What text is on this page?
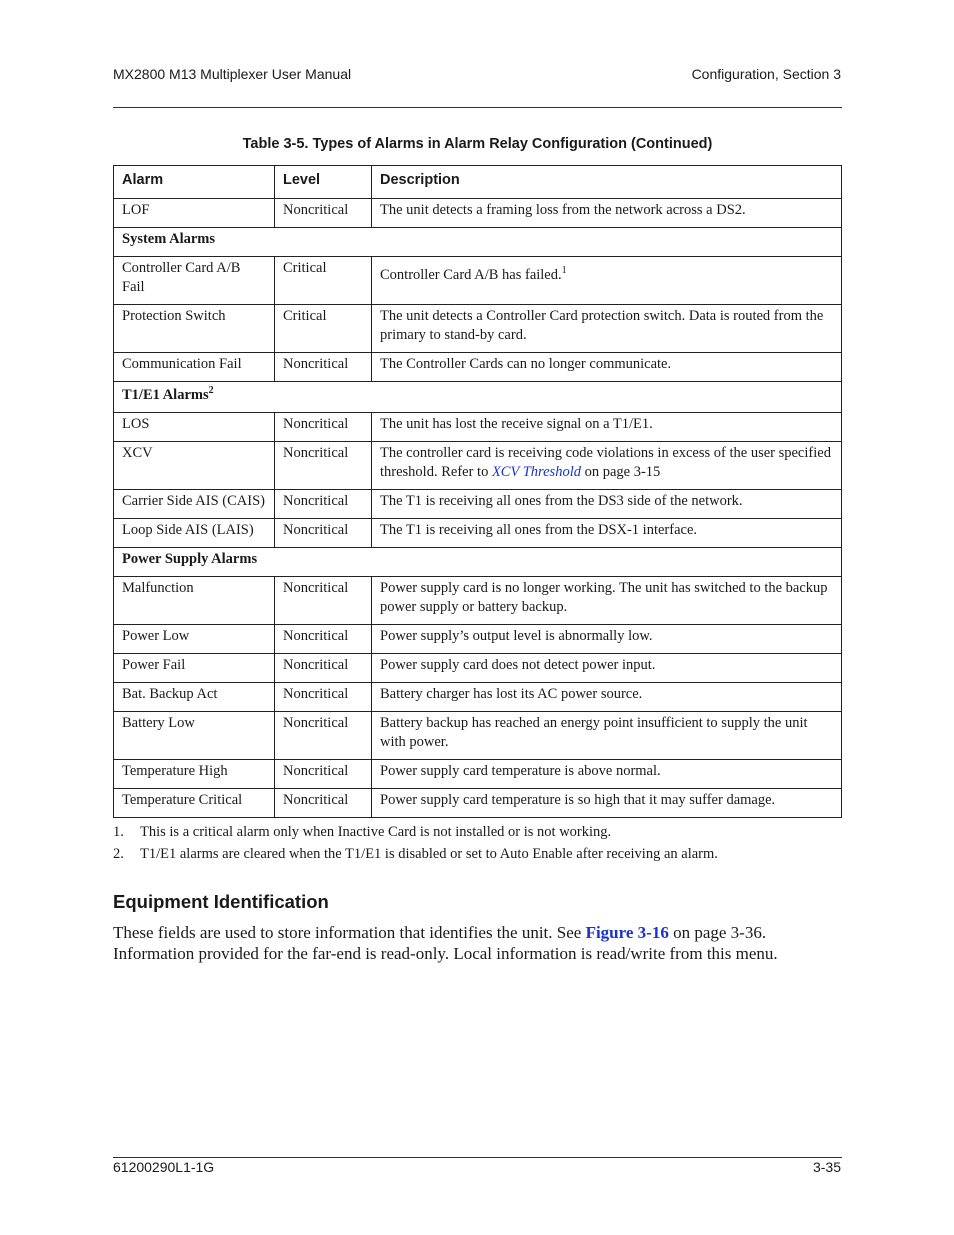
MX2800 M13 Multiplexer User Manual	Configuration, Section 3
Table 3-5. Types of Alarms in Alarm Relay Configuration (Continued)
Alarm	Level	Description
LOF	Noncritical	The unit detects a framing loss from the network across a DS2.
System Alarms		
Controller Card A/B Fail	Critical	Controller Card A/B has failed.$^1$
Protection Switch	Critical	The unit detects a Controller Card protection switch. Data is routed from the primary to stand-by card.
Communication Fail	Noncritical	The Controller Cards can no longer communicate.
T1/E1 Alarms$^2$
LOS	Noncritical	The unit has lost the receive signal on a T1/E1.
XCV	Noncritical	The controller card is receiving code violations in excess of the user specified threshold. Refer to XCV Threshold on page 3-15
Carrier Side AIS (CAIS)	Noncritical	The T1 is receiving all ones from the DS3 side of the network.
Loop Side AIS (LAIS)	Noncritical	The T1 is receiving all ones from the DSX-1 interface.
Power Supply Alarms		
Malfunction	Noncritical	Power supply card is no longer working. The unit has switched to the backup power supply or battery backup.
Power Low	Noncritical	Power supply’s output level is abnormally low.
Power Fail	Noncritical	Power supply card does not detect power input.
Bat. Backup Act	Noncritical	Battery charger has lost its AC power source.
Battery Low	Noncritical	Battery backup has reached an energy point insufficient to supply the unit with power.
Temperature High	Noncritical	Power supply card temperature is above normal.
Temperature Critical	Noncritical	Power supply card temperature is so high that it may suffer damage.
1.	This is a critical alarm only when Inactive Card is not installed or is not working.
2.	T1/E1 alarms are cleared when the T1/E1 is disabled or set to Auto Enable after receiving an alarm.
Equipment Identification
These fields are used to store information that identifies the unit. See Figure 3-16 on page 3-36. Information provided for the far-end is read-only. Local information is read/write from this menu.
61200290L1-1G	3-35
